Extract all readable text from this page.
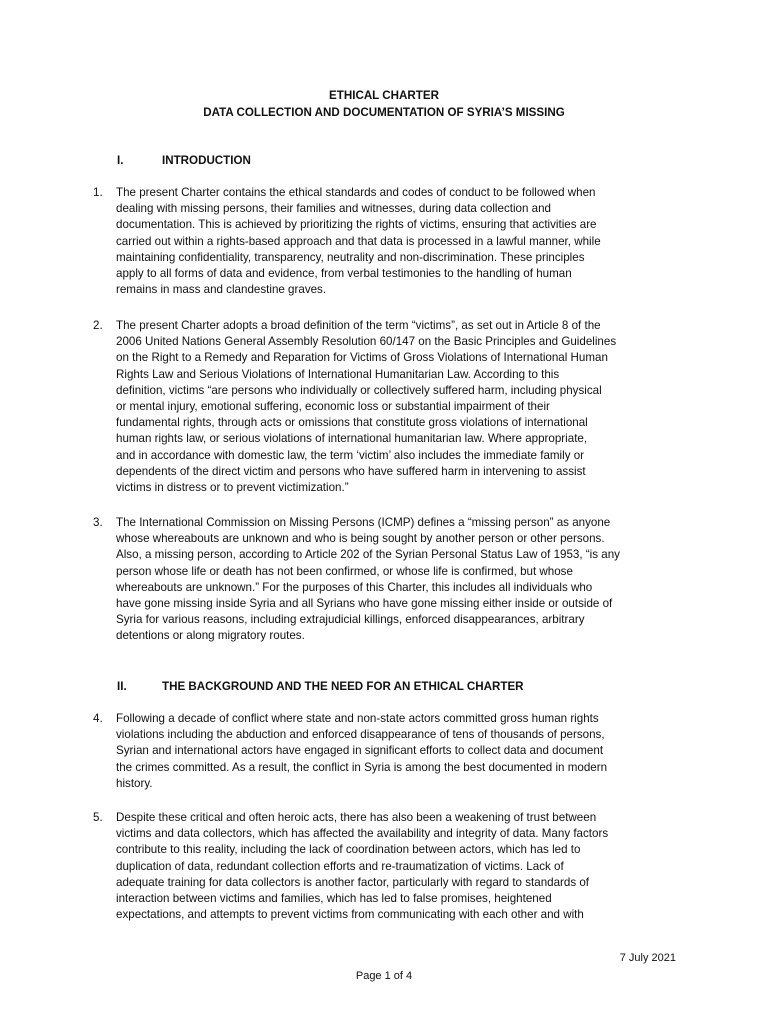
ETHICAL CHARTER
DATA COLLECTION AND DOCUMENTATION OF SYRIA’S MISSING
I.	INTRODUCTION
1. The present Charter contains the ethical standards and codes of conduct to be followed when
dealing with missing persons, their families and witnesses, during data collection and
documentation. This is achieved by prioritizing the rights of victims, ensuring that activities are
carried out within a rights-based approach and that data is processed in a lawful manner, while
maintaining confidentiality, transparency, neutrality and non-discrimination. These principles
apply to all forms of data and evidence, from verbal testimonies to the handling of human
remains in mass and clandestine graves.
2. The present Charter adopts a broad definition of the term “victims”, as set out in Article 8 of the
2006 United Nations General Assembly Resolution 60/147 on the Basic Principles and Guidelines
on the Right to a Remedy and Reparation for Victims of Gross Violations of International Human
Rights Law and Serious Violations of International Humanitarian Law. According to this
definition, victims “are persons who individually or collectively suffered harm, including physical
or mental injury, emotional suffering, economic loss or substantial impairment of their
fundamental rights, through acts or omissions that constitute gross violations of international
human rights law, or serious violations of international humanitarian law. Where appropriate,
and in accordance with domestic law, the term ‘victim’ also includes the immediate family or
dependents of the direct victim and persons who have suffered harm in intervening to assist
victims in distress or to prevent victimization.”
3. The International Commission on Missing Persons (ICMP) defines a “missing person” as anyone
whose whereabouts are unknown and who is being sought by another person or other persons.
Also, a missing person, according to Article 202 of the Syrian Personal Status Law of 1953, “is any
person whose life or death has not been confirmed, or whose life is confirmed, but whose
whereabouts are unknown.” For the purposes of this Charter, this includes all individuals who
have gone missing inside Syria and all Syrians who have gone missing either inside or outside of
Syria for various reasons, including extrajudicial killings, enforced disappearances, arbitrary
detentions or along migratory routes.
II.	THE BACKGROUND AND THE NEED FOR AN ETHICAL CHARTER
4. Following a decade of conflict where state and non-state actors committed gross human rights
violations including the abduction and enforced disappearance of tens of thousands of persons,
Syrian and international actors have engaged in significant efforts to collect data and document
the crimes committed. As a result, the conflict in Syria is among the best documented in modern
history.
5. Despite these critical and often heroic acts, there has also been a weakening of trust between
victims and data collectors, which has affected the availability and integrity of data. Many factors
contribute to this reality, including the lack of coordination between actors, which has led to
duplication of data, redundant collection efforts and re-traumatization of victims. Lack of
adequate training for data collectors is another factor, particularly with regard to standards of
interaction between victims and families, which has led to false promises, heightened
expectations, and attempts to prevent victims from communicating with each other and with
7 July 2021
Page 1 of 4
